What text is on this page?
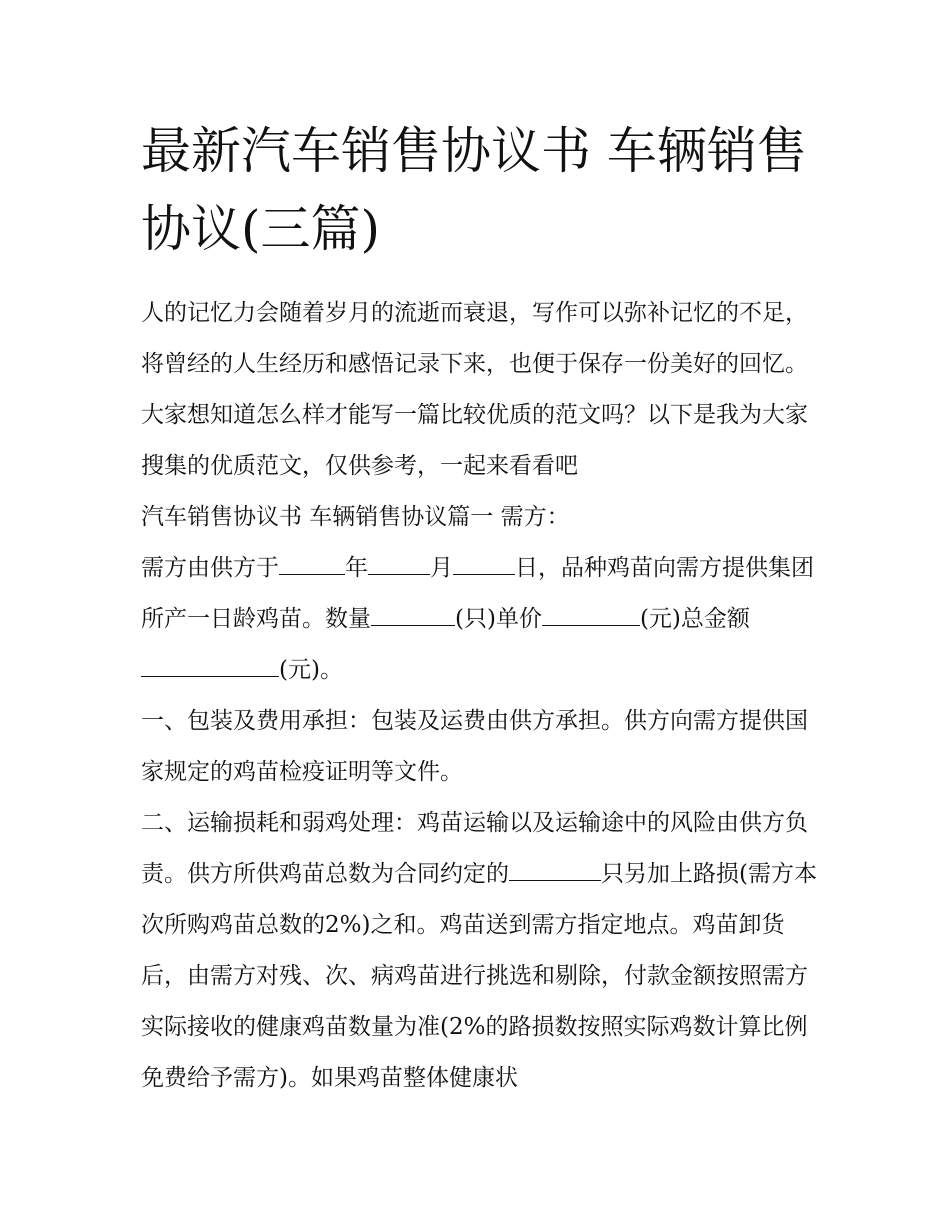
最新汽车销售协议书 车辆销售协议(三篇)

人的记忆力会随着岁月的流逝而衰退，写作可以弥补记忆的不足，将曾经的人生经历和感悟记录下来，也便于保存一份美好的回忆。大家想知道怎么样才能写一篇比较优质的范文吗？以下是我为大家搜集的优质范文，仅供参考，一起来看看吧

汽车销售协议书 车辆销售协议篇一 需方：

需方由供方于	年	月	日，品种鸡苗向需方提供集团所产一日龄鸡苗。数量	(只)单价	(元)总金额(元)。

一、包装及费用承担：包装及运费由供方承担。供方向需方提供国家规定的鸡苗检疫证明等文件。

二、运输损耗和弱鸡处理：鸡苗运输以及运输途中的风险由供方负责。供方所供鸡苗总数为合同约定的	只另加上路损(需方本次所购鸡苗总数的2%)之和。鸡苗送到需方指定地点。鸡苗卸货后，由需方对残、次、病鸡苗进行挑选和剔除，付款金额按照需方实际接收的健康鸡苗数量为准(2%的路损数按照实际鸡数计算比例免费给予需方)。如果鸡苗整体健康状
